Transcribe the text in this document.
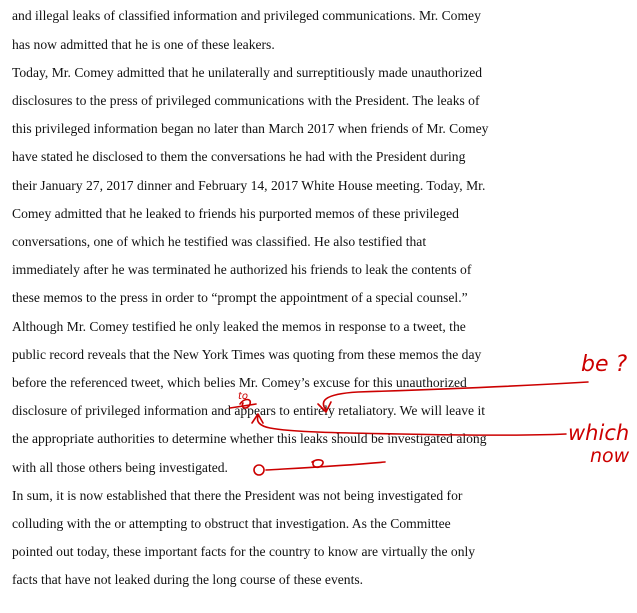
and illegal leaks of classified information and privileged communications. Mr. Comey
has now admitted that he is one of these leakers.
Today, Mr. Comey admitted that he unilaterally and surreptitiously made unauthorized
disclosures to the press of privileged communications with the President. The leaks of
this privileged information began no later than March 2017 when friends of Mr. Comey
have stated he disclosed to them the conversations he had with the President during
their January 27, 2017 dinner and February 14, 2017 White House meeting. Today, Mr.
Comey admitted that he leaked to friends his purported memos of these privileged
conversations, one of which he testified was classified. He also testified that
immediately after he was terminated he authorized his friends to leak the contents of
these memos to the press in order to “prompt the appointment of a special counsel.”
Although Mr. Comey testified he only leaked the memos in response to a tweet, the
public record reveals that the New York Times was quoting from these memos the day
before the referenced tweet, which belies Mr. Comey’s excuse for this unauthorized
disclosure of privileged information and appears to entirely retaliatory. We will leave it
the appropriate authorities to determine whether this leaks should be investigated along
with all those others being investigated.
In sum, it is now established that there the President was not being investigated for
colluding with the or attempting to obstruct that investigation. As the Committee
pointed out today, these important facts for the country to know are virtually the only
facts that have not leaked during the long course of these events.
be ?
which
now
to
